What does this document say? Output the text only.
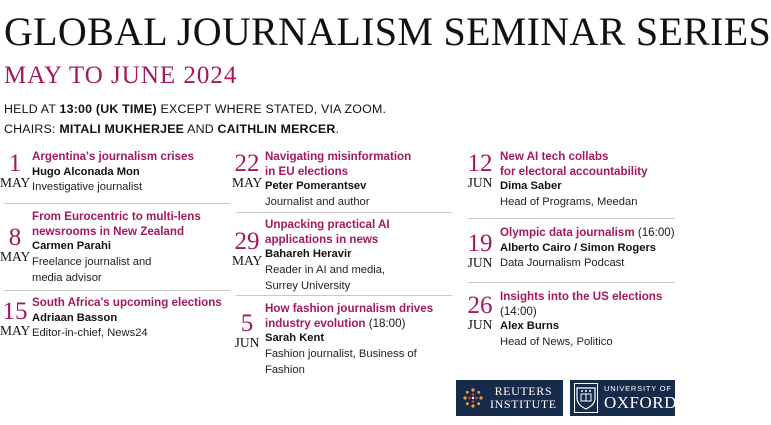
GLOBAL JOURNALISM SEMINAR SERIES
MAY TO JUNE 2024
HELD AT 13:00 (UK TIME) EXCEPT WHERE STATED, VIA ZOOM.
CHAIRS: MITALI MUKHERJEE AND CAITHLIN MERCER.
1
MAY
Argentina's journalism crises
Hugo Alconada Mon
Investigative journalist
8
MAY
From Eurocentric to multi-lens
newsrooms in New Zealand
Carmen Parahi
Freelance journalist and
media advisor
15
MAY
South Africa's upcoming elections
Adriaan Basson
Editor-in-chief, News24
22
MAY
Navigating misinformation
in EU elections
Peter Pomerantsev
Journalist and author
29
MAY
Unpacking practical AI
applications in news
Bahareh Heravir
Reader in AI and media,
Surrey University
5
JUN
How fashion journalism drives
industry evolution (18:00)
Sarah Kent
Fashion journalist, Business of
Fashion
12
JUN
New AI tech collabs
for electoral accountability
Dima Saber
Head of Programs, Meedan
19
JUN
Olympic data journalism (16:00)
Alberto Cairo / Simon Rogers
Data Journalism Podcast
26
JUN
Insights into the US elections
(14:00)
Alex Burns
Head of News, Politico
REUTERS
INSTITUTE
UNIVERSITY OF
OXFORD
